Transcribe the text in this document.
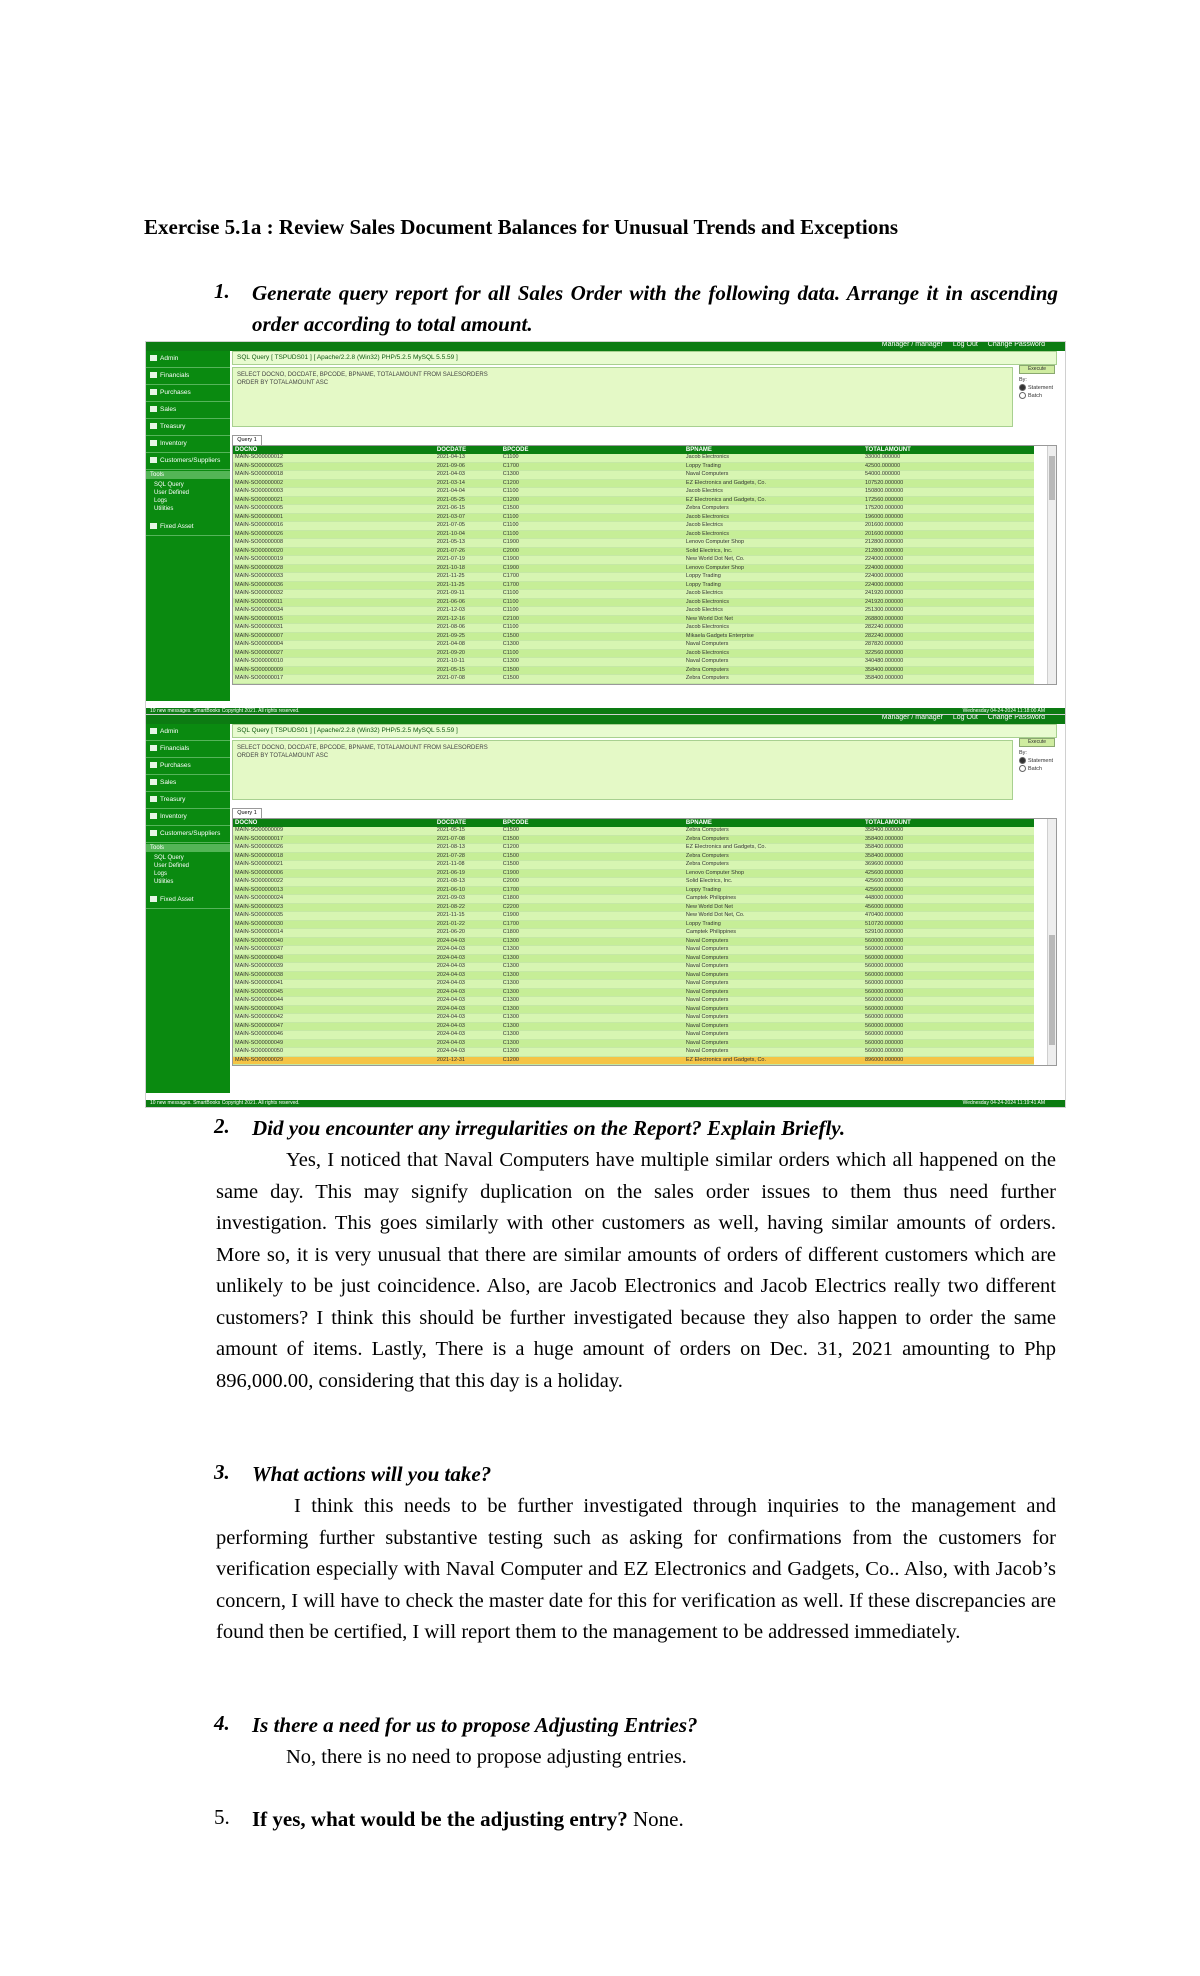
Exercise 5.1a : Review Sales Document Balances for Unusual Trends and Exceptions
1. Generate query report for all Sales Order with the following data. Arrange it in ascending order according to total amount.
Manager / manager Log Out Change Password
Admin
Financials
Purchases
Sales
Treasury
Inventory
Customers/Suppliers
Tools
SQL Query
User Defined
Logs
Utilities
Fixed Asset
SQL Query [ TSPUDS01 ] [ Apache/2.2.8 (Win32) PHP/5.2.5 MySQL 5.5.59 ]
SELECT DOCNO, DOCDATE, BPCODE, BPNAME, TOTALAMOUNT FROM SALESORDERS
ORDER BY TOTALAMOUNT ASC
Execute
By:
Statement
Batch
Query 1
DOCNO	DOCDATE	BPCODE	BPNAME	TOTALAMOUNT
MAIN-SO00000012	2021-04-13	C1100	Jacob Electronics	33000.000000
MAIN-SO00000025	2021-09-06	C1700	Loppy Trading	42500.000000
MAIN-SO00000018	2021-04-03	C1300	Naval Computers	54000.000000
MAIN-SO00000002	2021-03-14	C1200	EZ Electronics and Gadgets, Co.	107520.000000
MAIN-SO00000003	2021-04-04	C1100	Jacob Electrics	150800.000000
MAIN-SO00000021	2021-05-25	C1200	EZ Electronics and Gadgets, Co.	172560.000000
MAIN-SO00000005	2021-06-15	C1500	Zebra Computers	175200.000000
MAIN-SO00000001	2021-03-07	C1100	Jacob Electronics	196000.000000
MAIN-SO00000016	2021-07-05	C1100	Jacob Electrics	201600.000000
MAIN-SO00000026	2021-10-04	C1100	Jacob Electronics	201600.000000
MAIN-SO00000008	2021-05-13	C1900	Lenovo Computer Shop	212800.000000
MAIN-SO00000020	2021-07-26	C2000	Solid Electrics, Inc.	212800.000000
MAIN-SO00000019	2021-07-19	C1900	New World Dot Net, Co.	224000.000000
MAIN-SO00000028	2021-10-18	C1900	Lenovo Computer Shop	224000.000000
MAIN-SO00000033	2021-11-25	C1700	Loppy Trading	224000.000000
MAIN-SO00000036	2021-11-25	C1700	Loppy Trading	224000.000000
MAIN-SO00000032	2021-09-11	C1100	Jacob Electrics	241920.000000
MAIN-SO00000011	2021-06-06	C1100	Jacob Electronics	241920.000000
MAIN-SO00000034	2021-12-03	C1100	Jacob Electrics	251300.000000
MAIN-SO00000015	2021-12-16	C2100	New World Dot Net	268800.000000
MAIN-SO00000031	2021-08-06	C1100	Jacob Electronics	282240.000000
MAIN-SO00000007	2021-09-25	C1500	Mikaela Gadgets Enterprise	282240.000000
MAIN-SO00000004	2021-04-08	C1300	Naval Computers	287820.000000
MAIN-SO00000027	2021-09-20	C1100	Jacob Electronics	322560.000000
MAIN-SO00000010	2021-10-11	C1300	Naval Computers	340480.000000
MAIN-SO00000009	2021-05-15	C1500	Zebra Computers	358400.000000
MAIN-SO00000017	2021-07-08	C1500	Zebra Computers	358400.000000
10 new messages. SmartBooks Copyright 2021. All rights reserved.	Wednesday 04-24-2024 11:18:00 AM
Manager / manager Log Out Change Password
Admin
Financials
Purchases
Sales
Treasury
Inventory
Customers/Suppliers
Tools
SQL Query
User Defined
Logs
Utilities
Fixed Asset
SQL Query [ TSPUDS01 ] [ Apache/2.2.8 (Win32) PHP/5.2.5 MySQL 5.5.59 ]
SELECT DOCNO, DOCDATE, BPCODE, BPNAME, TOTALAMOUNT FROM SALESORDERS
ORDER BY TOTALAMOUNT ASC
Execute
By:
Statement
Batch
Query 1
DOCNO	DOCDATE	BPCODE	BPNAME	TOTALAMOUNT
MAIN-SO00000009	2021-05-15	C1500	Zebra Computers	358400.000000
MAIN-SO00000017	2021-07-08	C1500	Zebra Computers	358400.000000
MAIN-SO00000026	2021-08-13	C1200	EZ Electronics and Gadgets, Co.	358400.000000
MAIN-SO00000018	2021-07-28	C1500	Zebra Computers	358400.000000
MAIN-SO00000021	2021-11-08	C1500	Zebra Computers	369600.000000
MAIN-SO00000006	2021-06-19	C1900	Lenovo Computer Shop	425600.000000
MAIN-SO00000022	2021-08-13	C2000	Solid Electrics, Inc.	425600.000000
MAIN-SO00000013	2021-06-10	C1700	Loppy Trading	425600.000000
MAIN-SO00000024	2021-09-03	C1800	Camptek Philippines	448000.000000
MAIN-SO00000023	2021-08-22	C2200	New World Dot Net	456000.000000
MAIN-SO00000035	2021-11-15	C1900	New World Dot Net, Co.	470400.000000
MAIN-SO00000030	2021-01-22	C1700	Loppy Trading	510720.000000
MAIN-SO00000014	2021-06-20	C1800	Camptek Philippines	529100.000000
MAIN-SO00000040	2024-04-03	C1300	Naval Computers	560000.000000
MAIN-SO00000037	2024-04-03	C1300	Naval Computers	560000.000000
MAIN-SO00000048	2024-04-03	C1300	Naval Computers	560000.000000
MAIN-SO00000039	2024-04-03	C1300	Naval Computers	560000.000000
MAIN-SO00000038	2024-04-03	C1300	Naval Computers	560000.000000
MAIN-SO00000041	2024-04-03	C1300	Naval Computers	560000.000000
MAIN-SO00000045	2024-04-03	C1300	Naval Computers	560000.000000
MAIN-SO00000044	2024-04-03	C1300	Naval Computers	560000.000000
MAIN-SO00000043	2024-04-03	C1300	Naval Computers	560000.000000
MAIN-SO00000042	2024-04-03	C1300	Naval Computers	560000.000000
MAIN-SO00000047	2024-04-03	C1300	Naval Computers	560000.000000
MAIN-SO00000046	2024-04-03	C1300	Naval Computers	560000.000000
MAIN-SO00000049	2024-04-03	C1300	Naval Computers	560000.000000
MAIN-SO00000050	2024-04-03	C1300	Naval Computers	560000.000000
MAIN-SO00000029	2021-12-31	C1200	EZ Electronics and Gadgets, Co.	896000.000000
10 new messages. SmartBooks Copyright 2021. All rights reserved.	Wednesday 04-24-2024 11:19:41 AM
2. Did you encounter any irregularities on the Report? Explain Briefly.
Yes, I noticed that Naval Computers have multiple similar orders which all happened on the same day. This may signify duplication on the sales order issues to them thus need further investigation. This goes similarly with other customers as well, having similar amounts of orders. More so, it is very unusual that there are similar amounts of orders of different customers which are unlikely to be just coincidence. Also, are Jacob Electronics and Jacob Electrics really two different customers? I think this should be further investigated because they also happen to order the same amount of items. Lastly, There is a huge amount of orders on Dec. 31, 2021 amounting to Php 896,000.00, considering that this day is a holiday.
3. What actions will you take?
I think this needs to be further investigated through inquiries to the management and performing further substantive testing such as asking for confirmations from the customers for verification especially with Naval Computer and EZ Electronics and Gadgets, Co.. Also, with Jacob’s concern, I will have to check the master date for this for verification as well. If these discrepancies are found then be certified, I will report them to the management to be addressed immediately.
4. Is there a need for us to propose Adjusting Entries?
No, there is no need to propose adjusting entries.
5. If yes, what would be the adjusting entry? None.
